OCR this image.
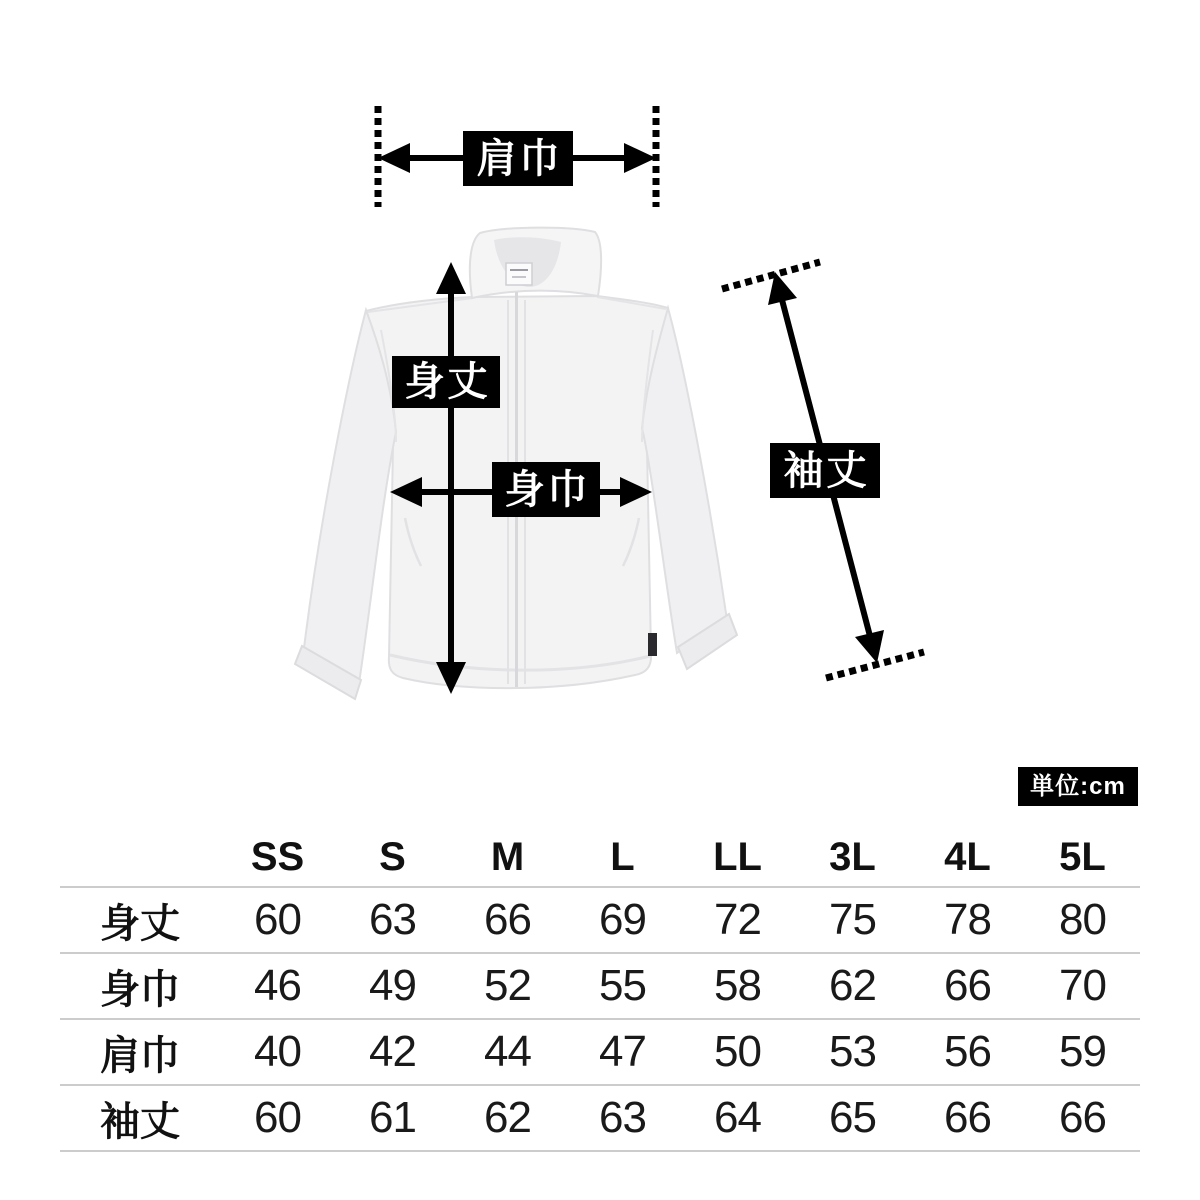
肩巾
身丈
身巾	袖丈
単位:cm
	SS	S	M	L	LL	3L	4L	5L
身丈	60	63	66	69	72	75	78	80
身巾	46	49	52	55	58	62	66	70
肩巾	40	42	44	47	50	53	56	59
袖丈	60	61	62	63	64	65	66	66
